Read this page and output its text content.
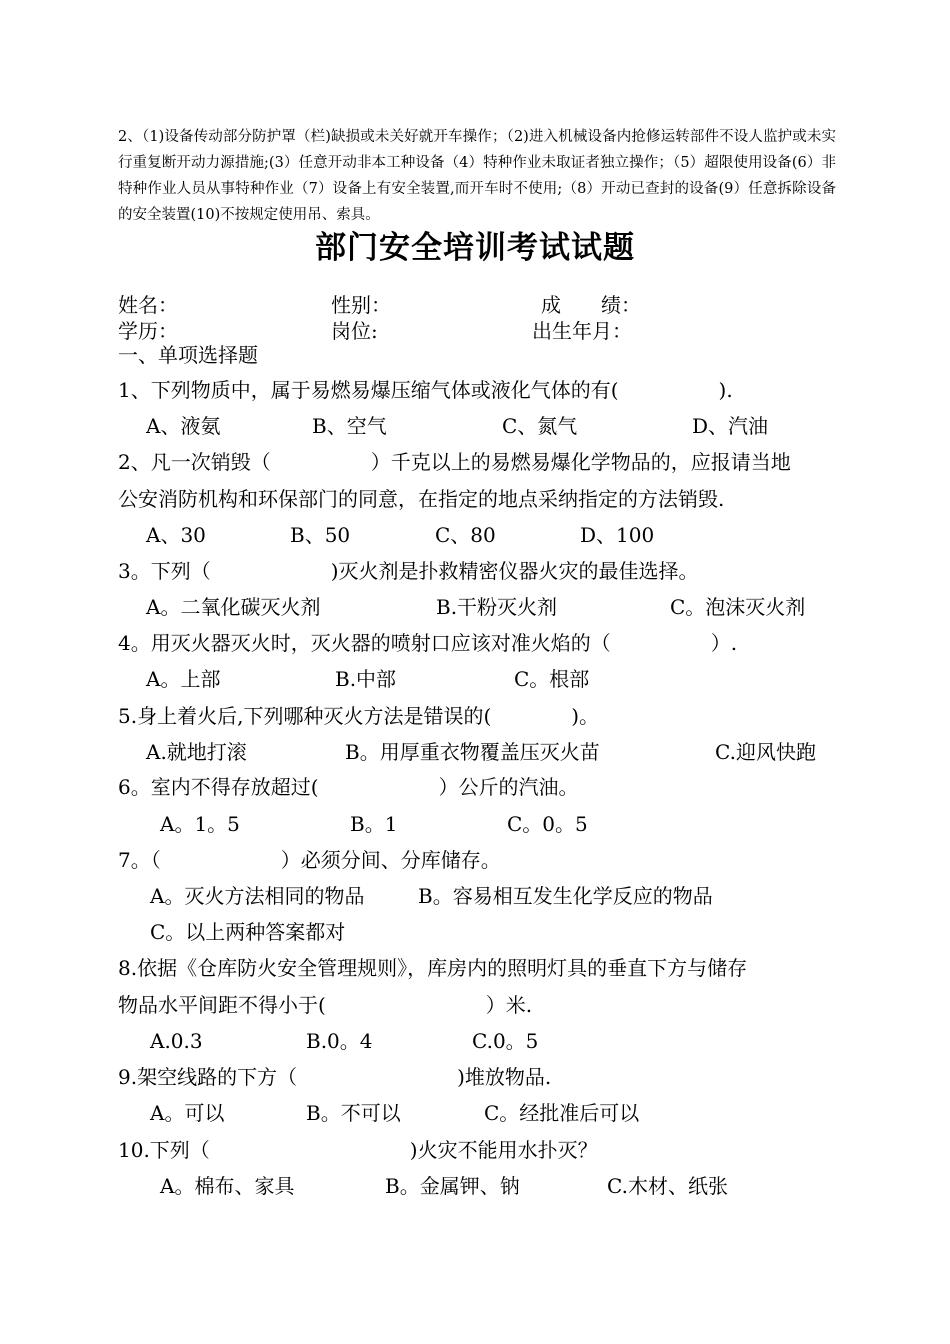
2、（1)设备传动部分防护罩（栏)缺损或未关好就开车操作；（2)进入机械设备内抢修运转部件不设人监护或未实行重复断开动力源措施;(3）任意开动非本工种设备（4）特种作业未取证者独立操作；（5）超限使用设备(6）非特种作业人员从事特种作业（7）设备上有安全装置,而开车时不使用;（8）开动已查封的设备(9）任意拆除设备的安全装置(10)不按规定使用吊、索具。
部门安全培训考试试题
姓名：	性别：	成　　绩：
学历：	岗位:	出生年月：
一、单项选择题
1、下列物质中，属于易燃易爆压缩气体或液化气体的有(　　　　　).
A、液氨	B、空气	C、氮气	D、汽油
2、凡一次销毁（　　　　　）千克以上的易燃易爆化学物品的，应报请当地
公安消防机构和环保部门的同意，在指定的地点采纳指定的方法销毁.
A、30	B、50	C、80	D、100
3。下列（　　　　　　)灭火剂是扑救精密仪器火灾的最佳选择。
A。二氧化碳灭火剂	B.干粉灭火剂	C。泡沫灭火剂
4。用灭火器灭火时，灭火器的喷射口应该对准火焰的（　　　　　）.
A。上部	B.中部	C。根部
5.身上着火后,下列哪种灭火方法是错误的(　　　　)。
A.就地打滚	B。用厚重衣物覆盖压灭火苗	C.迎风快跑
6。室内不得存放超过(　　　　　　）公斤的汽油。
A。1。5	B。1	C。0。5
7。（　　　　　　）必须分间、分库储存。
A。灭火方法相同的物品	B。容易相互发生化学反应的物品
C。以上两种答案都对
8.依据《仓库防火安全管理规则》，库房内的照明灯具的垂直下方与储存
物品水平间距不得小于(　　　　　　　　）米.
A.0.3	B.0。4	C.0。5
9.架空线路的下方（　　　　　　　　)堆放物品.
A。可以	B。不可以	C。经批准后可以
10.下列（　　　　　　　　　　)火灾不能用水扑灭？
A。棉布、家具	B。金属钾、钠	C.木材、纸张
